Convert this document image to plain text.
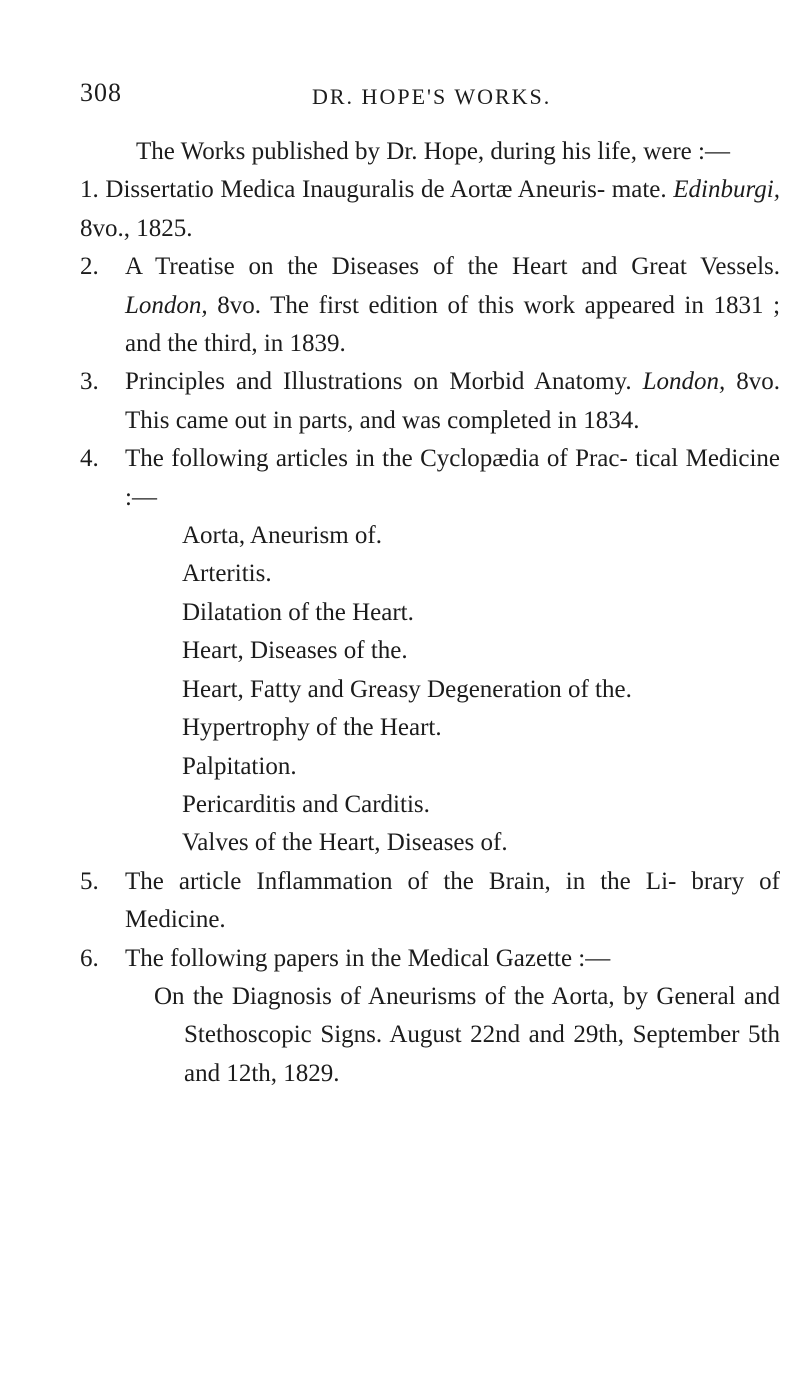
308	DR. HOPE'S WORKS.

The Works published by Dr. Hope, during his life, were :—

1. Dissertatio Medica Inauguralis de Aortæ Aneuris- mate. Edinburgi, 8vo., 1825.

2. A Treatise on the Diseases of the Heart and Great Vessels. London, 8vo. The first edition of this work appeared in 1831 ; and the third, in 1839.

3. Principles and Illustrations on Morbid Anatomy. London, 8vo. This came out in parts, and was completed in 1834.

4. The following articles in the Cyclopædia of Prac- tical Medicine :—

Aorta, Aneurism of.
Arteritis.
Dilatation of the Heart.
Heart, Diseases of the.
Heart, Fatty and Greasy Degeneration of the.
Hypertrophy of the Heart.
Palpitation.
Pericarditis and Carditis.
Valves of the Heart, Diseases of.

5. The article Inflammation of the Brain, in the Li- brary of Medicine.

6. The following papers in the Medical Gazette :—

On the Diagnosis of Aneurisms of the Aorta, by General and Stethoscopic Signs. August 22nd and 29th, September 5th and 12th, 1829.
